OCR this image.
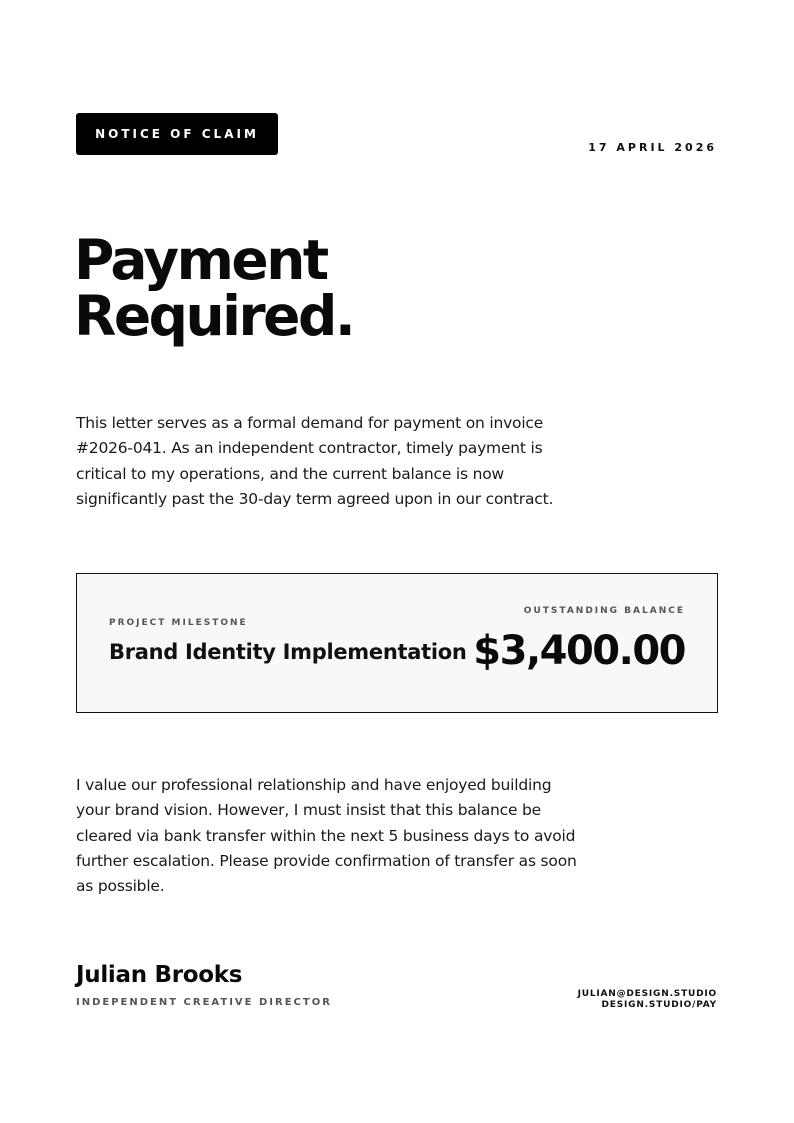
NOTICE OF CLAIM
17 APRIL 2026
Payment
Required.

This letter serves as a formal demand for payment on invoice #2026-041. As an independent contractor, timely payment is critical to my operations, and the current balance is now significantly past the 30-day term agreed upon in our contract.

PROJECT MILESTONE
Brand Identity Implementation
OUTSTANDING BALANCE
$3,400.00

I value our professional relationship and have enjoyed building your brand vision. However, I must insist that this balance be cleared via bank transfer within the next 5 business days to avoid further escalation. Please provide confirmation of transfer as soon as possible.

Julian Brooks
INDEPENDENT CREATIVE DIRECTOR
JULIAN@DESIGN.STUDIO
DESIGN.STUDIO/PAY
